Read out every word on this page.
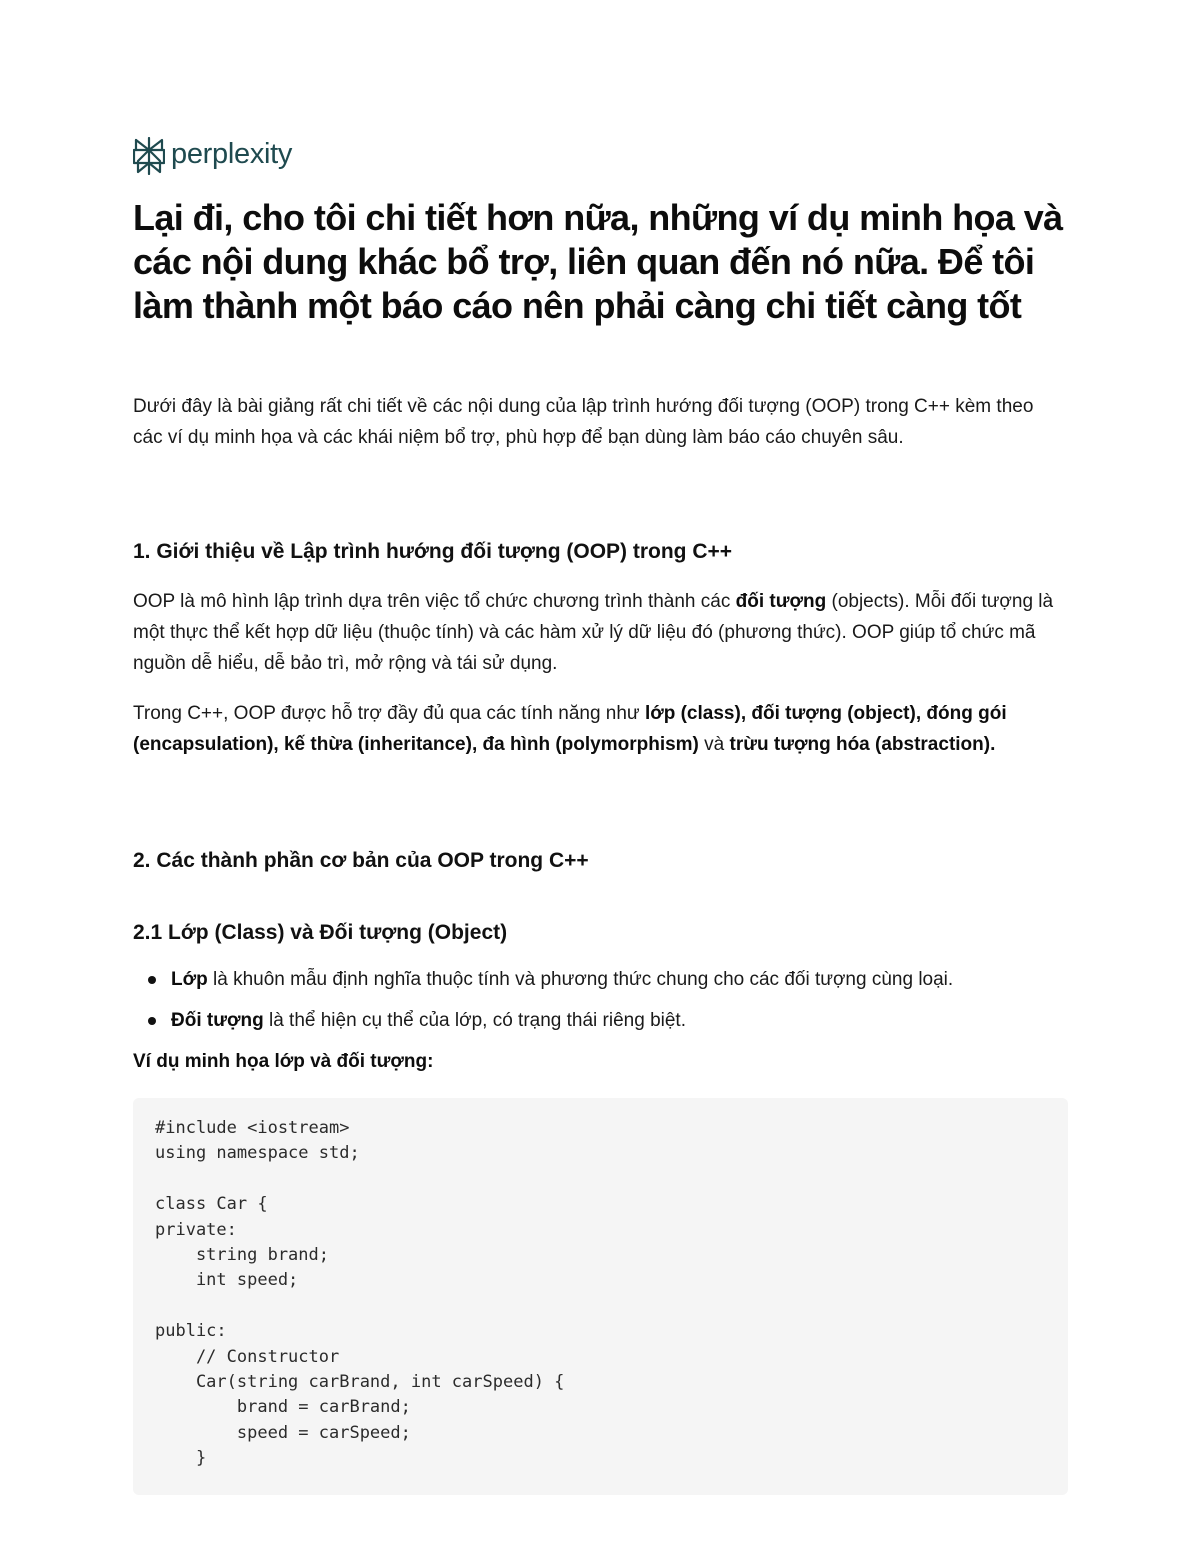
perplexity
Lại đi, cho tôi chi tiết hơn nữa, những ví dụ minh họa và các nội dung khác bổ trợ, liên quan đến nó nữa. Để tôi làm thành một báo cáo nên phải càng chi tiết càng tốt

Dưới đây là bài giảng rất chi tiết về các nội dung của lập trình hướng đối tượng (OOP) trong C++ kèm theo các ví dụ minh họa và các khái niệm bổ trợ, phù hợp để bạn dùng làm báo cáo chuyên sâu.

1. Giới thiệu về Lập trình hướng đối tượng (OOP) trong C++

OOP là mô hình lập trình dựa trên việc tổ chức chương trình thành các đối tượng (objects). Mỗi đối tượng là một thực thể kết hợp dữ liệu (thuộc tính) và các hàm xử lý dữ liệu đó (phương thức). OOP giúp tổ chức mã nguồn dễ hiểu, dễ bảo trì, mở rộng và tái sử dụng.

Trong C++, OOP được hỗ trợ đầy đủ qua các tính năng như lớp (class), đối tượng (object), đóng gói (encapsulation), kế thừa (inheritance), đa hình (polymorphism) và trừu tượng hóa (abstraction).

2. Các thành phần cơ bản của OOP trong C++
2.1 Lớp (Class) và Đối tượng (Object)
Lớp là khuôn mẫu định nghĩa thuộc tính và phương thức chung cho các đối tượng cùng loại.
Đối tượng là thể hiện cụ thể của lớp, có trạng thái riêng biệt.

Ví dụ minh họa lớp và đối tượng:

#include <iostream>
using namespace std;
class Car {
private:
string brand;
int speed;
public:
// Constructor
Car(string carBrand, int carSpeed) {
brand = carBrand;
speed = carSpeed;
}
